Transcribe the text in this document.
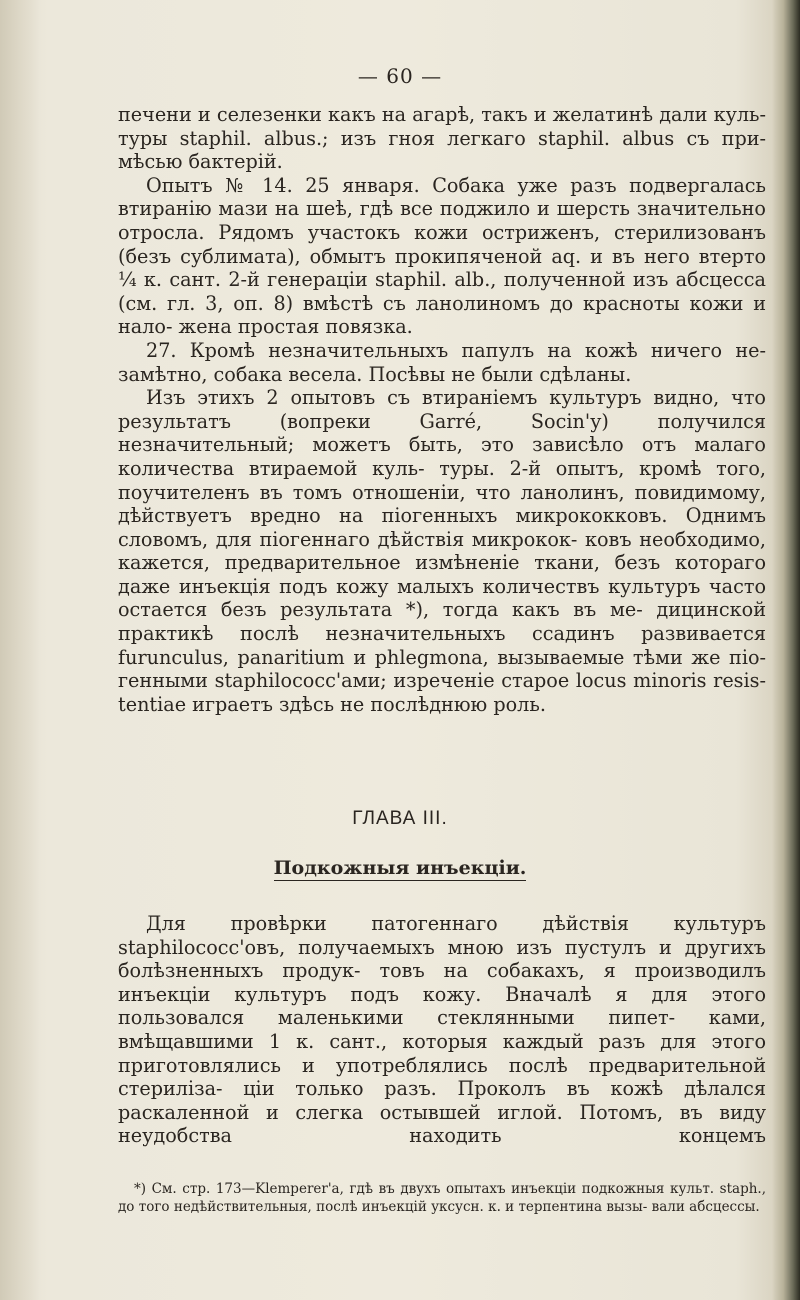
— 60 —

печени и селезенки какъ на агарѣ, такъ и желатинѣ дали куль- туры staphil. albus.; изъ гноя легкаго staphil. albus съ при- мѣсью бактерій.

Опытъ № 14. 25 января. Собака уже разъ подвергалась втиранію мази на шеѣ, гдѣ все поджило и шерсть значительно отросла. Рядомъ участокъ кожи остриженъ, стерилизованъ (безъ сублимата), обмытъ прокипяченой aq. и въ него втерто ¼ к. сант. 2-й генераціи staphil. alb., полученной изъ абсцесса (см. гл. 3, оп. 8) вмѣстѣ съ ланолиномъ до красноты кожи и нало- жена простая повязка.

27. Кромѣ незначительныхъ папулъ на кожѣ ничего не- замѣтно, собака весела. Посѣвы не были сдѣланы.

Изъ этихъ 2 опытовъ съ втираніемъ культуръ видно, что результатъ (вопреки Garré, Socin'у) получился незначительный; можетъ быть, это зависѣло отъ малаго количества втираемой куль- туры. 2-й опытъ, кромѣ того, поучителенъ въ томъ отношеніи, что ланолинъ, повидимому, дѣйствуетъ вредно на піогенныхъ микрококковъ. Однимъ словомъ, для піогеннаго дѣйствія микрокок- ковъ необходимо, кажется, предварительное измѣненіе ткани, безъ котораго даже инъекція подъ кожу малыхъ количествъ культуръ часто остается безъ результата *), тогда какъ въ ме- дицинской практикѣ послѣ незначительныхъ ссадинъ развивается furunculus, panaritium и phlegmona, вызываемые тѣми же піо- генными staphilococc'ами; изреченіе старое locus minoris resis- tentiae играетъ здѣсь не послѣднюю роль.

ГЛАВА III.
Подкожныя инъекціи.

Для провѣрки патогеннаго дѣйствія культуръ staphilococc'овъ, получаемыхъ мною изъ пустулъ и другихъ болѣзненныхъ продук- товъ на собакахъ, я производилъ инъекціи культуръ подъ кожу. Вначалѣ я для этого пользовался маленькими стеклянными пипет- ками, вмѣщавшими 1 к. сант., которыя каждый разъ для этого приготовлялись и употреблялись послѣ предварительной стериліза- ціи только разъ. Проколъ въ кожѣ дѣлался раскаленной и слегка остывшей иглой. Потомъ, въ виду неудобства находить концемъ

*) См. стр. 173—Klemperer'a, гдѣ въ двухъ опытахъ инъекціи подкожныя культ. staph., до того недѣйствительныя, послѣ инъекцій уксусн. к. и терпентина вызы- вали абсцессы.
